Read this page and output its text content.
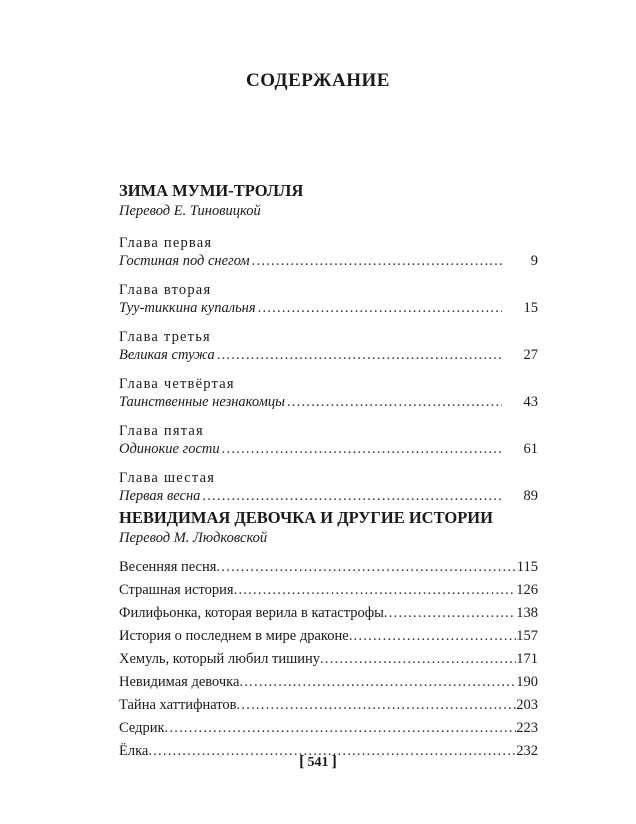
СОДЕРЖАНИЕ
ЗИМА МУМИ-ТРОЛЛЯ
Перевод Е. Тиновицкой
Глава первая
Гостиная под снегом . . .	9
Глава вторая
Туу-тиккина купальня . . .	15
Глава третья
Великая стужа . . .	27
Глава четвёртая
Таинственные незнакомцы . . .	43
Глава пятая
Одинокие гости . . .	61
Глава шестая
Первая весна . . .	89
НЕВИДИМАЯ ДЕВОЧКА И ДРУГИЕ ИСТОРИИ
Перевод М. Людковской
Весенняя песня . . .	115
Страшная история . . .	126
Филифьонка, которая верила в катастрофы . . .	138
История о последнем в мире драконе . . .	157
Хемуль, который любил тишину . . .	171
Невидимая девочка . . .	190
Тайна хаттифнатов . . .	203
Седрик . . .	223
Ёлка . . .	232
[ 541 ]
